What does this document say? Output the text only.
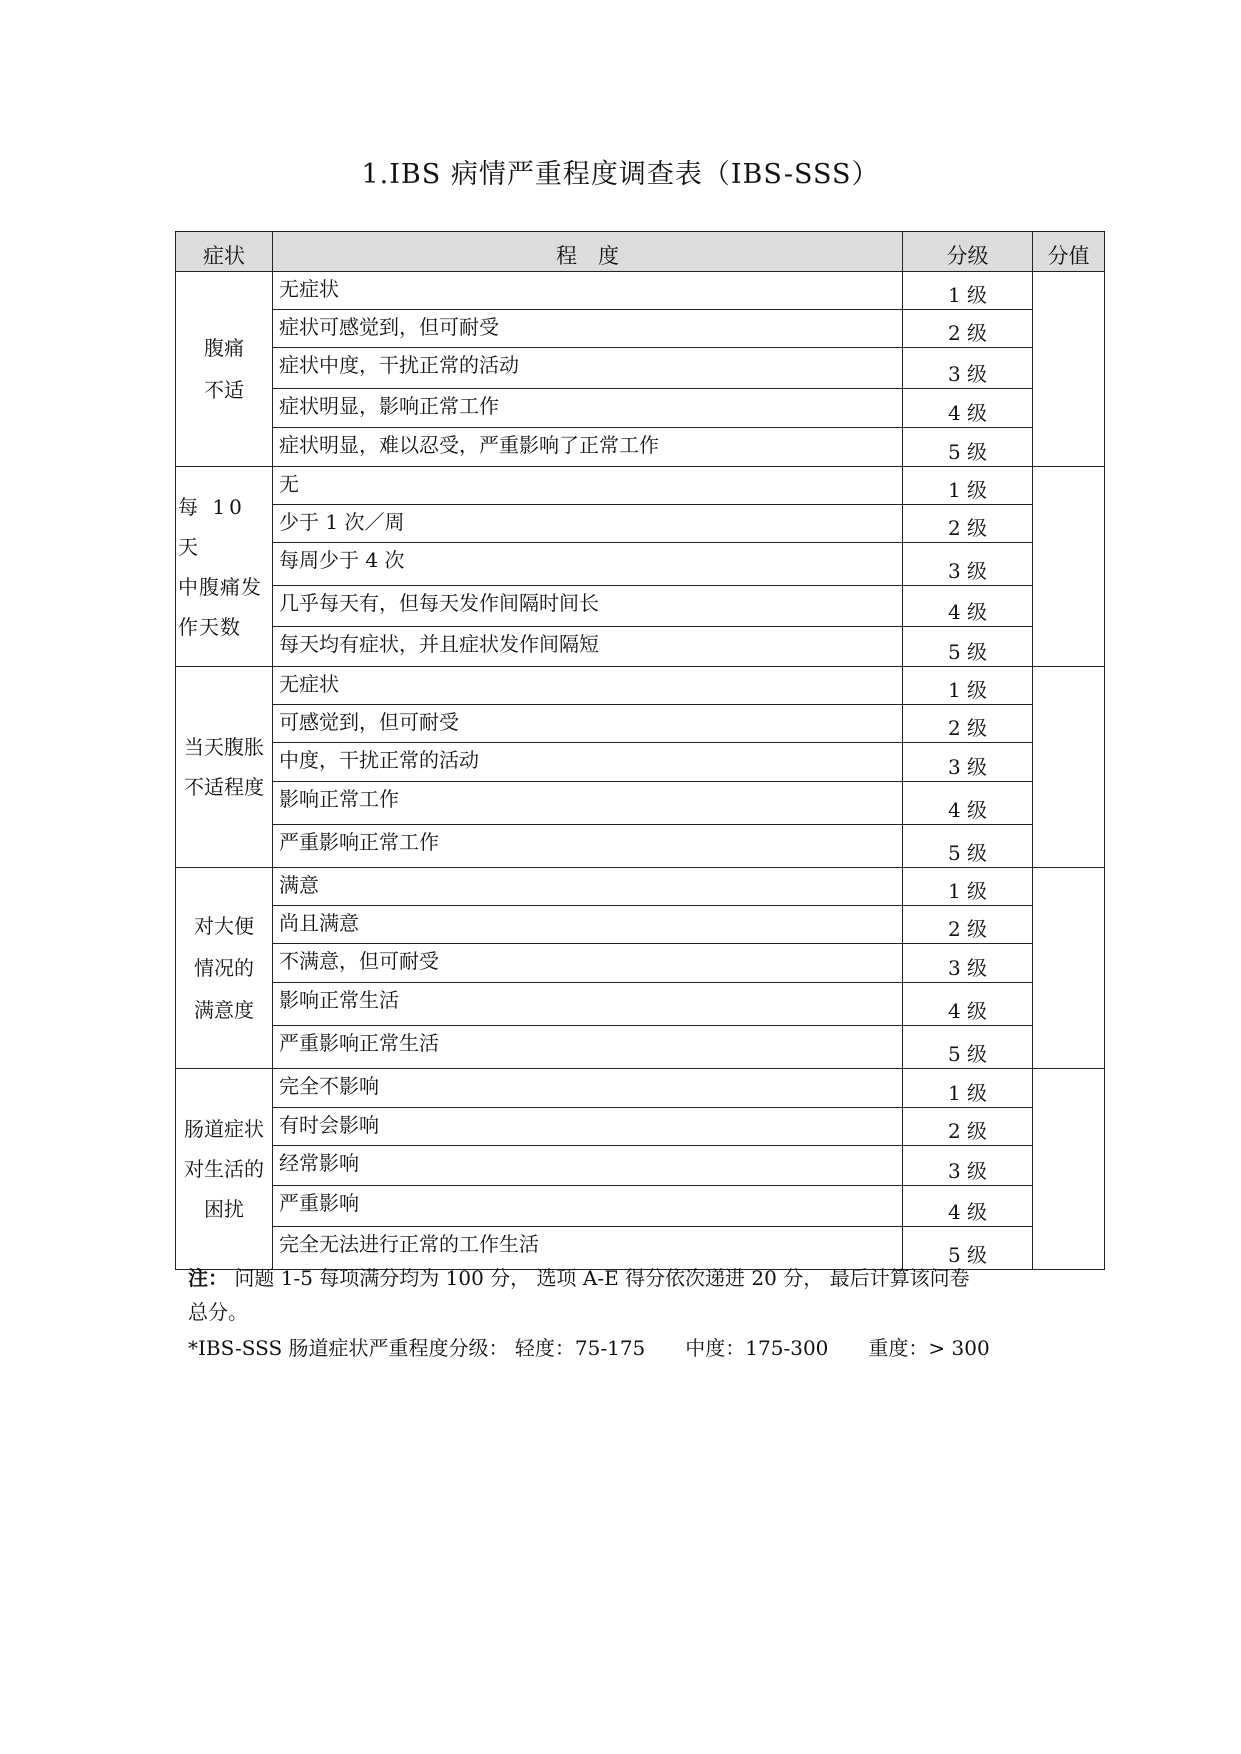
1.IBS 病情严重程度调查表（IBS-SSS）
症状	程　度	分级	分值

腹痛
不适	无症状	1 级	

	症状可感觉到，但可耐受	2 级	

	症状中度，干扰正常的活动	3 级	

	症状明显，影响正常工作	4 级	

	症状明显，难以忍受，严重影响了正常工作	5 级	

每 10 天
中腹痛发
作天数	无	1 级	

	少于 1 次／周	2 级	

	每周少于 4 次	3 级	

	几乎每天有，但每天发作间隔时间长	4 级	

	每天均有症状，并且症状发作间隔短	5 级	

当天腹胀
不适程度	无症状	1 级	

	可感觉到，但可耐受	2 级	

	中度，干扰正常的活动	3 级	

	影响正常工作	4 级	

	严重影响正常工作	5 级	

对大便
情况的
满意度	满意	1 级	

	尚且满意	2 级	

	不满意，但可耐受	3 级	

	影响正常生活	4 级	

	严重影响正常生活	5 级	

肠道症状
对生活的
困扰	完全不影响	1 级	

	有时会影响	2 级	

	经常影响	3 级	

	严重影响	4 级	

	完全无法进行正常的工作生活	5 级	
注： 问题 1-5 每项满分均为 100 分， 选项 A-E 得分依次递进 20 分， 最后计算该问卷
总分。
*IBS-SSS 肠道症状严重程度分级： 轻度：75-175　　中度：175-300　　重度：> 300
